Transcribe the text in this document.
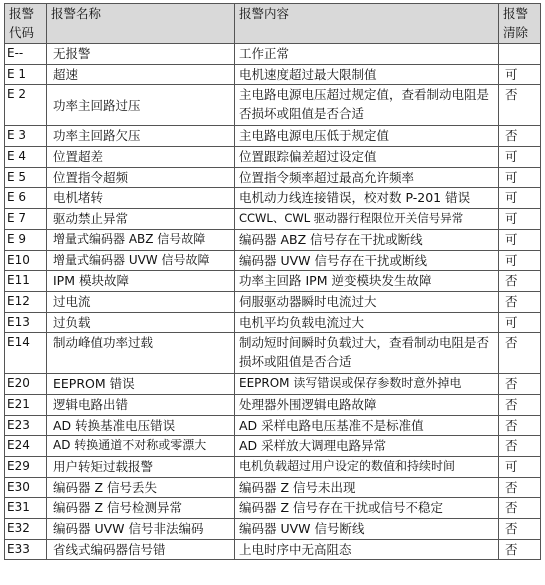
报警代码	报警名称	报警内容	报警清除
E--	无报警	工作正常	
E 1	超速	电机速度超过最大限制值	可
E 2	功率主回路过压	主电路电源电压超过规定值，查看制动电阻是否损坏或阻值是否合适	否
E 3	功率主回路欠压	主电路电源电压低于规定值	否
E 4	位置超差	位置跟踪偏差超过设定值	可
E 5	位置指令超频	位置指令频率超过最高允许频率	可
E 6	电机堵转	电机动力线连接错误，校对数 P-201 错误	可
E 7	驱动禁止异常	CCWL、CWL 驱动器行程限位开关信号异常	可
E 9	增量式编码器 ABZ 信号故障	编码器 ABZ 信号存在干扰或断线	可
E10	增量式编码器 UVW 信号故障	编码器 UVW 信号存在干扰或断线	可
E11	IPM 模块故障	功率主回路 IPM 逆变模块发生故障	否
E12	过电流	伺服驱动器瞬时电流过大	否
E13	过负载	电机平均负载电流过大	可
E14	制动峰值功率过载	制动短时间瞬时负载过大，查看制动电阻是否损坏或阻值是否合适	否
E20	EEPROM 错误	EEPROM 读写错误或保存参数时意外掉电	否
E21	逻辑电路出错	处理器外围逻辑电路故障	否
E23	AD 转换基准电压错误	AD 采样电路电压基准不是标准值	否
E24	AD 转换通道不对称或零漂大	AD 采样放大调理电路异常	否
E29	用户转矩过载报警	电机负载超过用户设定的数值和持续时间	可
E30	编码器 Z 信号丢失	编码器 Z 信号未出现	否
E31	编码器 Z 信号检测异常	编码器 Z 信号存在干扰或信号不稳定	否
E32	编码器 UVW 信号非法编码	编码器 UVW 信号断线	否
E33	省线式编码器信号错	上电时序中无高阻态	否
